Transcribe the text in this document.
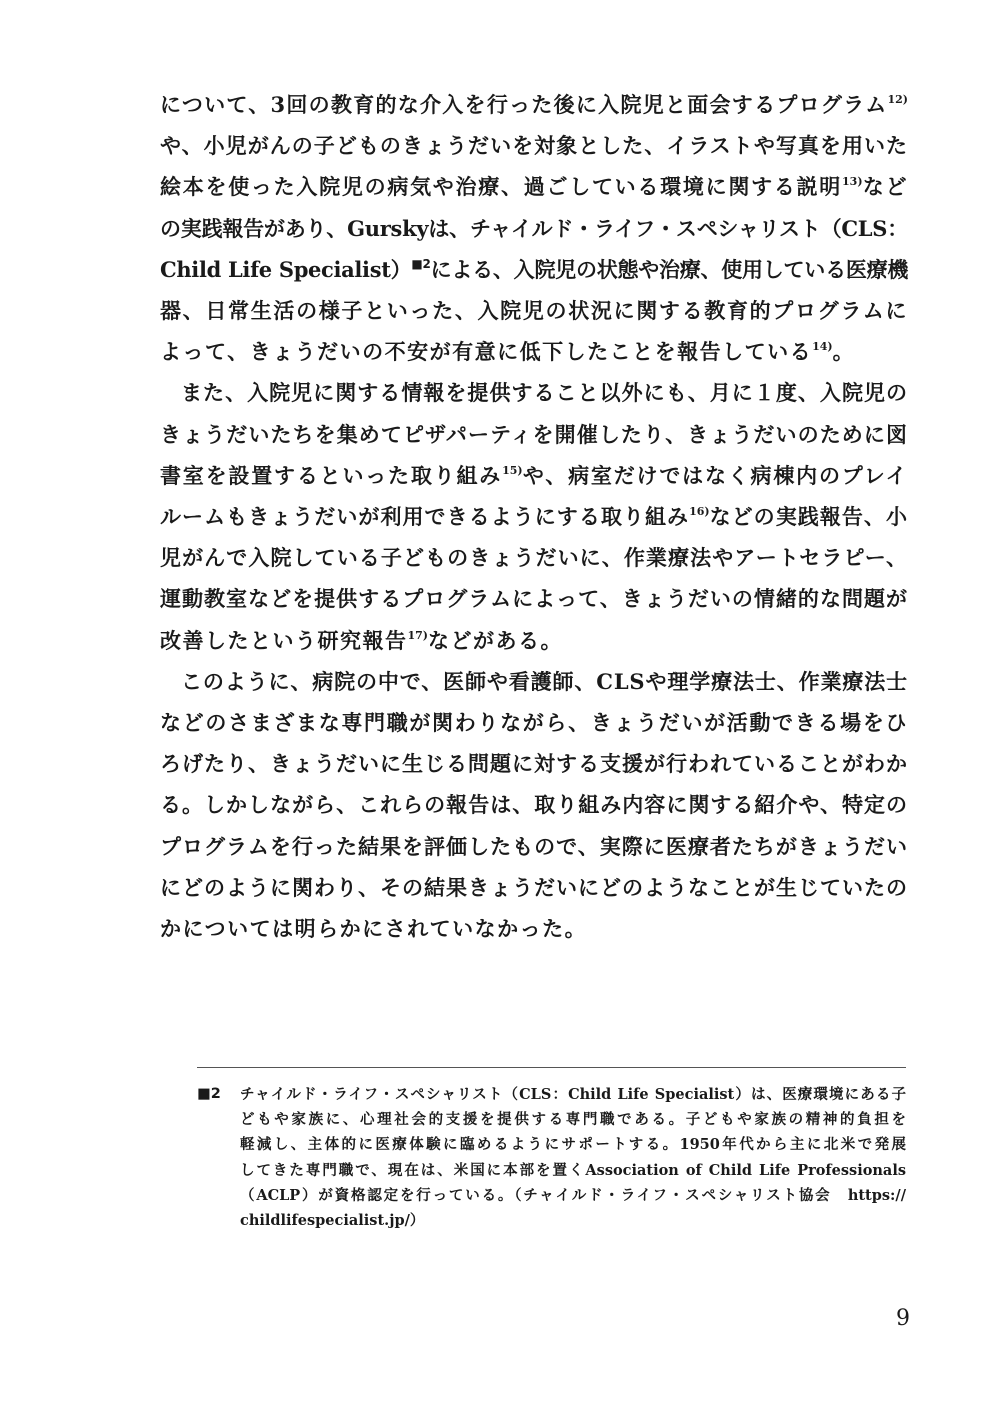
について、3回の教育的な介入を行った後に入院児と面会するプログラム$^{12)}$
や、小児がんの子どものきょうだいを対象とした、イラストや写真を用いた
絵本を使った入院児の病気や治療、過ごしている環境に関する説明$^{13)}$など
の実践報告があり、Gurskyは、チャイルド・ライフ・スペシャリスト（CLS：
Child Life Specialist）$^{■2}$による、入院児の状態や治療、使用している医療機
器、日常生活の様子といった、入院児の状況に関する教育的プログラムに
よって、きょうだいの不安が有意に低下したことを報告している$^{14)}$。

また、入院児に関する情報を提供すること以外にも、月に１度、入院児の
きょうだいたちを集めてピザパーティを開催したり、きょうだいのために図
書室を設置するといった取り組み$^{15)}$や、病室だけではなく病棟内のプレイ
ルームもきょうだいが利用できるようにする取り組み$^{16)}$などの実践報告、小
児がんで入院している子どものきょうだいに、作業療法やアートセラピー、
運動教室などを提供するプログラムによって、きょうだいの情緒的な問題が
改善したという研究報告$^{17)}$などがある。

このように、病院の中で、医師や看護師、CLSや理学療法士、作業療法士
などのさまざまな専門職が関わりながら、きょうだいが活動できる場をひ
ろげたり、きょうだいに生じる問題に対する支援が行われていることがわか
る。しかしながら、これらの報告は、取り組み内容に関する紹介や、特定の
プログラムを行った結果を評価したもので、実際に医療者たちがきょうだい
にどのように関わり、その結果きょうだいにどのようなことが生じていたの
かについては明らかにされていなかった。

■2 チャイルド・ライフ・スペシャリスト（CLS：Child Life Specialist）は、医療環境にある子
どもや家族に、心理社会的支援を提供する専門職である。子どもや家族の精神的負担を
軽減し、主体的に医療体験に臨めるようにサポートする。1950年代から主に北米で発展
してきた専門職で、現在は、米国に本部を置くAssociation of Child Life Professionals
（ACLP）が資格認定を行っている。（チャイルド・ライフ・スペシャリスト協会　https://
childlifespecialist.jp/）
9
